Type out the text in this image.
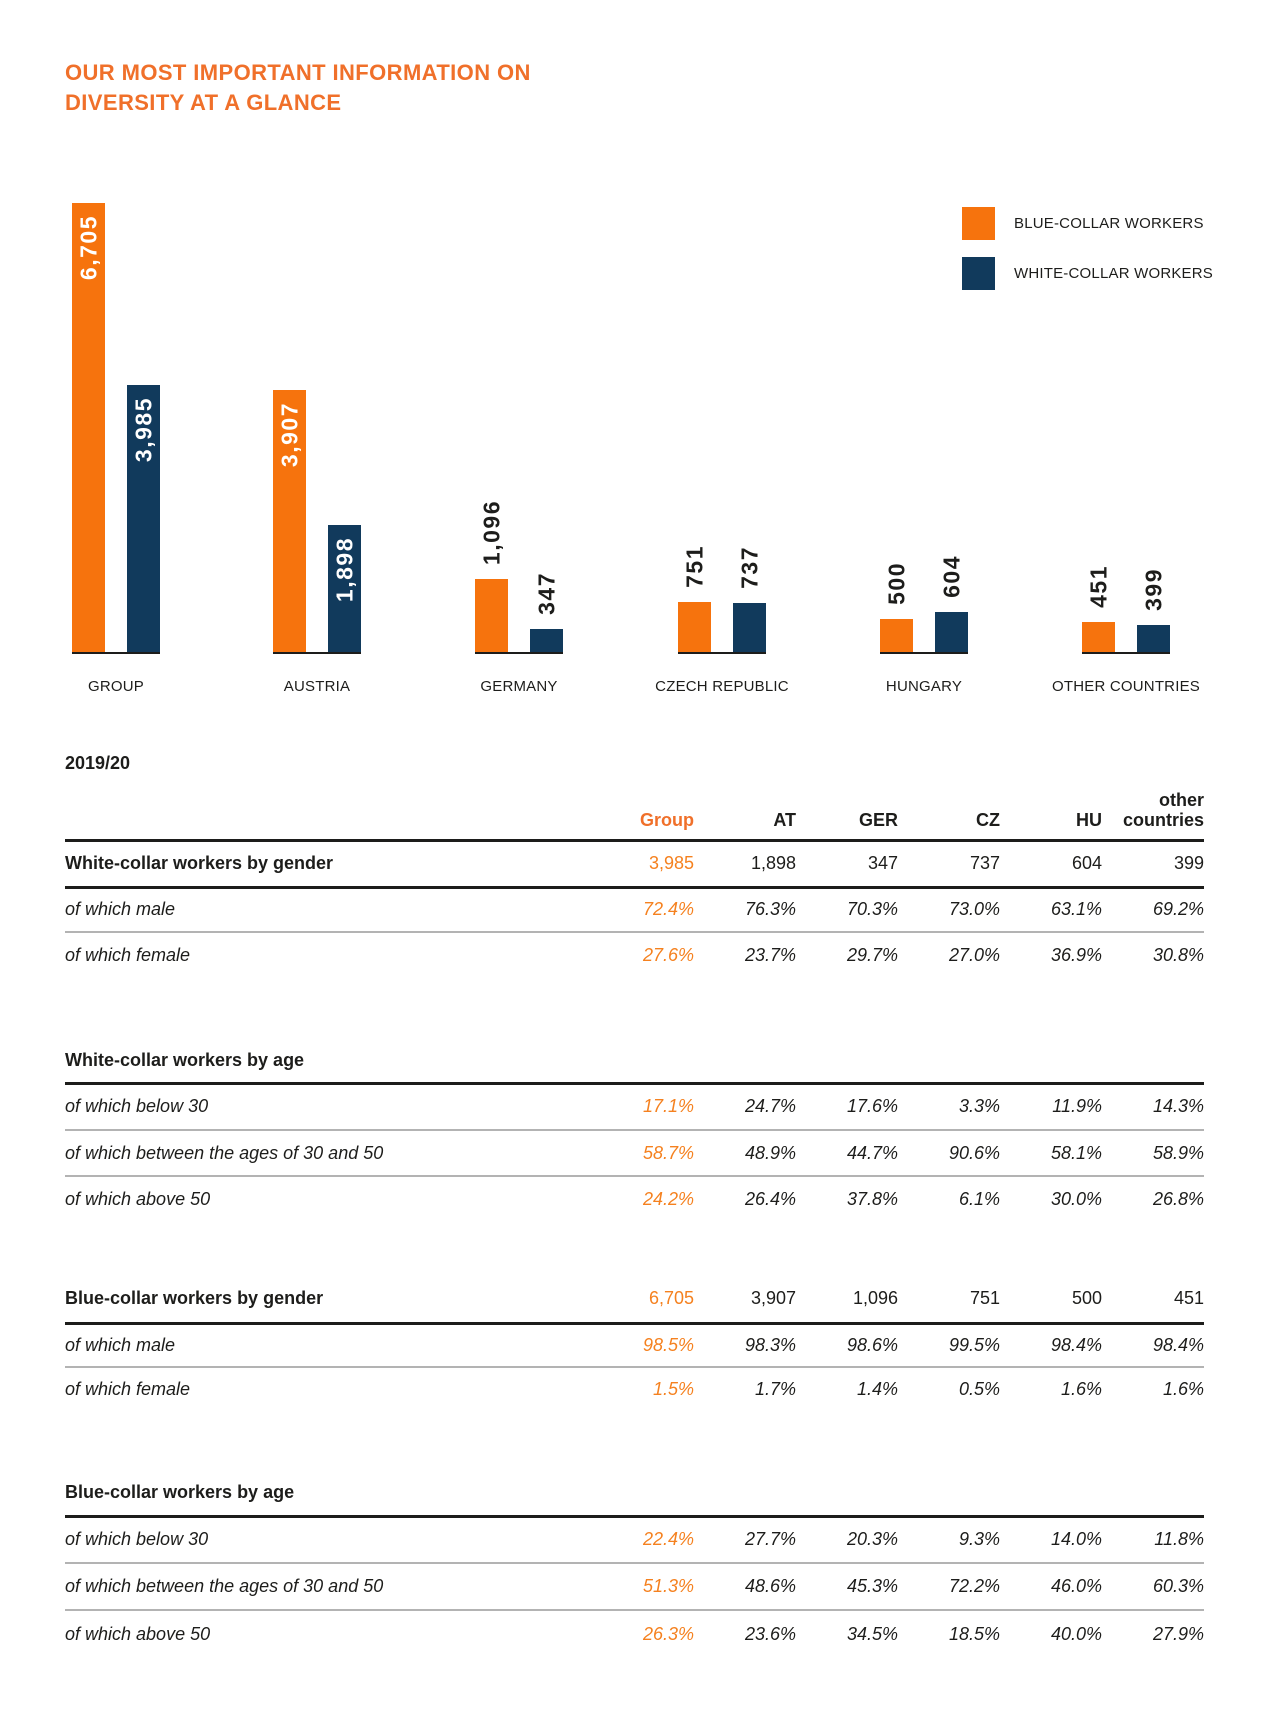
OUR MOST IMPORTANT INFORMATION ON
DIVERSITY AT A GLANCE
BLUE-COLLAR WORKERS
WHITE-COLLAR WORKERS
6,705
3,985
GROUP
3,907
1,898
AUSTRIA
1,096
347
GERMANY
751 737
CZECH REPUBLIC
500 604
HUNGARY
451 399
OTHER COUNTRIES
2019/20
	Group	AT	GER	CZ	HU	other
countries
White-collar workers by gender	3,985	1,898	347	737	604	399
of which male	72.4%	76.3%	70.3%	73.0%	63.1%	69.2%
of which female	27.6%	23.7%	29.7%	27.0%	36.9%	30.8%

White-collar workers by age						
of which below 30	17.1%	24.7%	17.6%	3.3%	11.9%	14.3%
of which between the ages of 30 and 50	58.7%	48.9%	44.7%	90.6%	58.1%	58.9%
of which above 50	24.2%	26.4%	37.8%	6.1%	30.0%	26.8%

Blue-collar workers by gender	6,705	3,907	1,096	751	500	451
of which male	98.5%	98.3%	98.6%	99.5%	98.4%	98.4%
of which female	1.5%	1.7%	1.4%	0.5%	1.6%	1.6%

Blue-collar workers by age						
of which below 30	22.4%	27.7%	20.3%	9.3%	14.0%	11.8%
of which between the ages of 30 and 50	51.3%	48.6%	45.3%	72.2%	46.0%	60.3%
of which above 50	26.3%	23.6%	34.5%	18.5%	40.0%	27.9%
